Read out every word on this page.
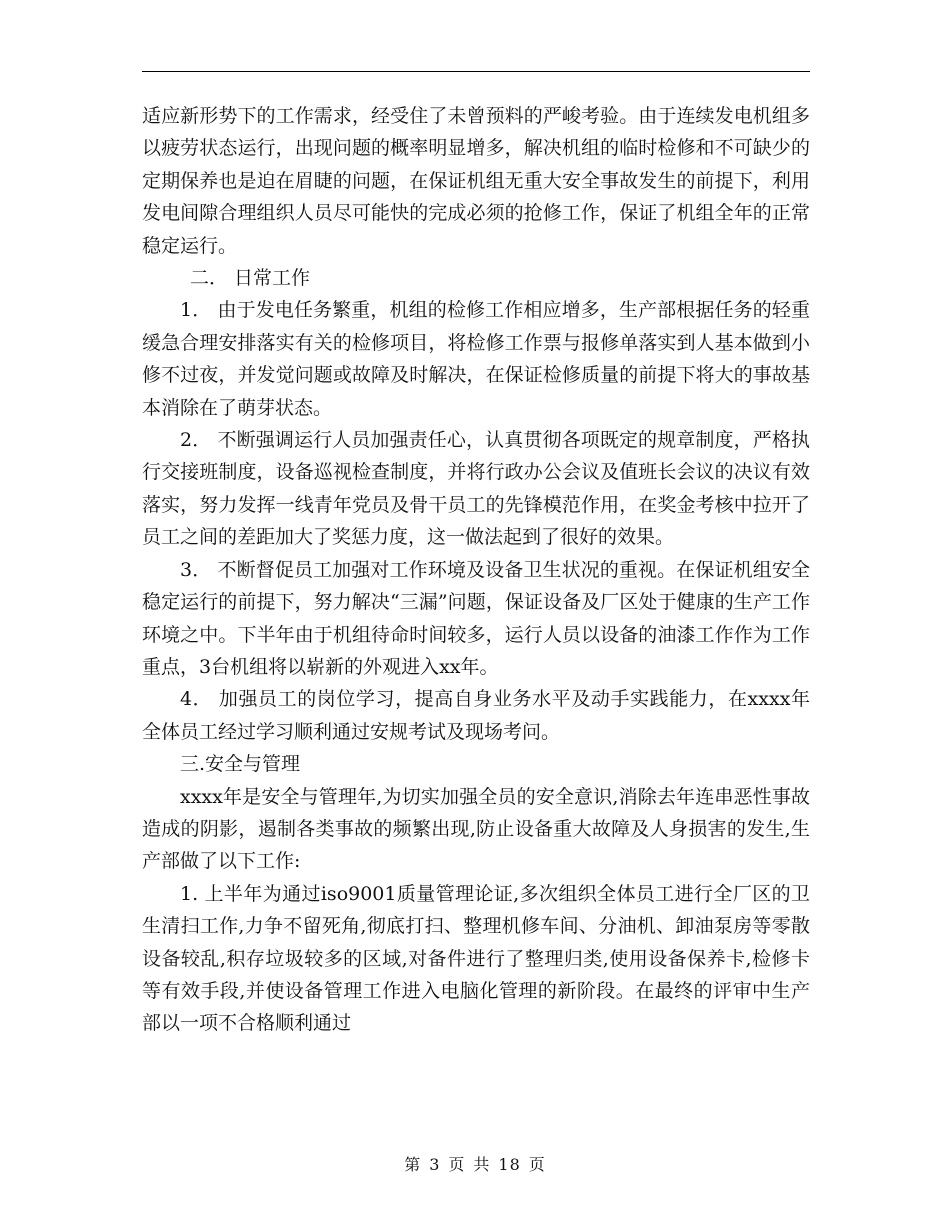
适应新形势下的工作需求，经受住了未曾预料的严峻考验。由于连续发电机组多以疲劳状态运行，出现问题的概率明显增多，解决机组的临时检修和不可缺少的定期保养也是迫在眉睫的问题，在保证机组无重大安全事故发生的前提下，利用发电间隙合理组织人员尽可能快的完成必须的抢修工作，保证了机组全年的正常稳定运行。

二． 日常工作

1． 由于发电任务繁重，机组的检修工作相应增多，生产部根据任务的轻重缓急合理安排落实有关的检修项目，将检修工作票与报修单落实到人基本做到小修不过夜，并发觉问题或故障及时解决，在保证检修质量的前提下将大的事故基本消除在了萌芽状态。

2． 不断强调运行人员加强责任心，认真贯彻各项既定的规章制度，严格执行交接班制度，设备巡视检查制度，并将行政办公会议及值班长会议的决议有效落实，努力发挥一线青年党员及骨干员工的先锋模范作用，在奖金考核中拉开了员工之间的差距加大了奖惩力度，这一做法起到了很好的效果。

3． 不断督促员工加强对工作环境及设备卫生状况的重视。在保证机组安全稳定运行的前提下，努力解决“三漏”问题，保证设备及厂区处于健康的生产工作环境之中。下半年由于机组待命时间较多，运行人员以设备的油漆工作作为工作重点，3台机组将以崭新的外观进入xx年。

4． 加强员工的岗位学习，提高自身业务水平及动手实践能力，在xxxx年全体员工经过学习顺利通过安规考试及现场考问。

三.安全与管理

xxxx年是安全与管理年,为切实加强全员的安全意识,消除去年连串恶性事故造成的阴影，遏制各类事故的频繁出现,防止设备重大故障及人身损害的发生,生产部做了以下工作:

1. 上半年为通过iso9001质量管理论证,多次组织全体员工进行全厂区的卫生清扫工作,力争不留死角,彻底打扫、整理机修车间、分油机、卸油泵房等零散设备较乱,积存垃圾较多的区域,对备件进行了整理归类,使用设备保养卡,检修卡等有效手段,并使设备管理工作进入电脑化管理的新阶段。在最终的评审中生产部以一项不合格顺利通过

第 3 页 共 18 页
